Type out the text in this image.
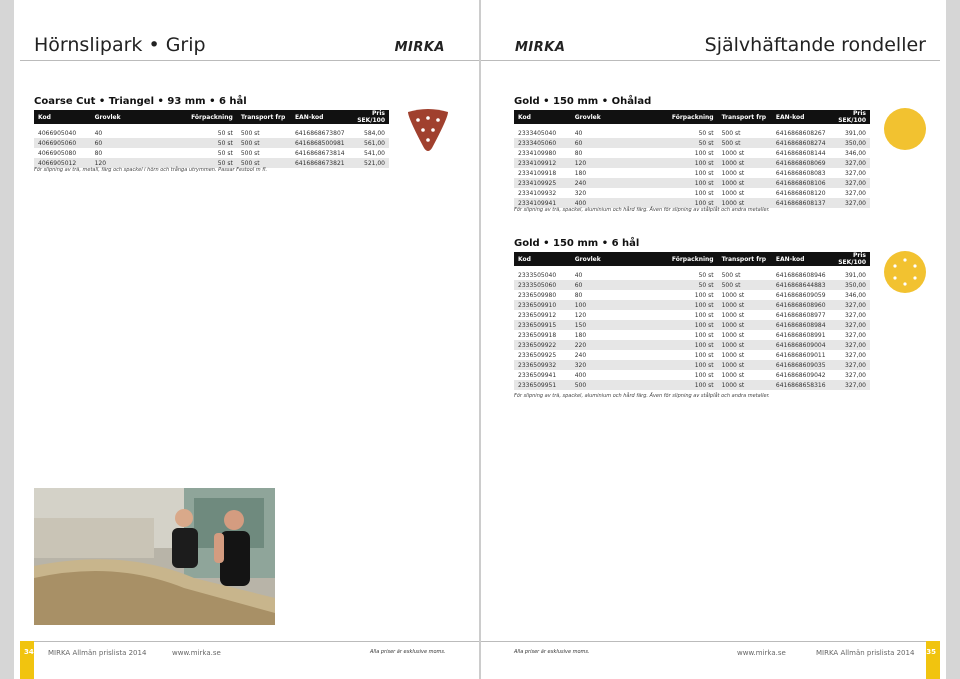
Hörnslipark • Grip	MIRKA
Coarse Cut • Triangel • 93 mm • 6 hål
Kod	Grovlek	Förpackning	Transport frp	EAN-kod	Pris SEK/100

4066905040	40	50 st	500 st	6416868673807	584,00
4066905060	60	50 st	500 st	6416868500981	561,00
4066905080	80	50 st	500 st	6416868673814	541,00
4066905012	120	50 st	500 st	6416868673821	521,00
För slipning av trä, metall, färg och spackel i hörn och trånga utrymmen. Passar Festool m fl.
34 MIRKA Allmän prislista 2014	www.mirka.se	Alla priser är exklusive moms.
MIRKA	Självhäftande rondeller
Gold • 150 mm • Ohålad
Kod	Grovlek	Förpackning	Transport frp	EAN-kod	Pris SEK/100

2333405040	40	50 st	500 st	6416868608267	391,00
2333405060	60	50 st	500 st	6416868608274	350,00
2334109980	80	100 st	1000 st	6416868608144	346,00
2334109912	120	100 st	1000 st	6416868608069	327,00
2334109918	180	100 st	1000 st	6416868608083	327,00
2334109925	240	100 st	1000 st	6416868608106	327,00
2334109932	320	100 st	1000 st	6416868608120	327,00
2334109941	400	100 st	1000 st	6416868608137	327,00
För slipning av trä, spackel, aluminium och hård färg. Även för slipning av stålplåt och andra metaller.
Gold • 150 mm • 6 hål
Kod	Grovlek	Förpackning	Transport frp	EAN-kod	Pris SEK/100

2333505040	40	50 st	500 st	6416868608946	391,00
2333505060	60	50 st	500 st	6416868644883	350,00
2336509980	80	100 st	1000 st	6416868609059	346,00
2336509910	100	100 st	1000 st	6416868608960	327,00
2336509912	120	100 st	1000 st	6416868608977	327,00
2336509915	150	100 st	1000 st	6416868608984	327,00
2336509918	180	100 st	1000 st	6416868608991	327,00
2336509922	220	100 st	1000 st	6416868609004	327,00
2336509925	240	100 st	1000 st	6416868609011	327,00
2336509932	320	100 st	1000 st	6416868609035	327,00
2336509941	400	100 st	1000 st	6416868609042	327,00
2336509951	500	100 st	1000 st	6416868658316	327,00
För slipning av trä, spackel, aluminium och hård färg. Även för slipning av stålplåt och andra metaller.
Alla priser är exklusive moms.	www.mirka.se	MIRKA Allmän prislista 2014 35
